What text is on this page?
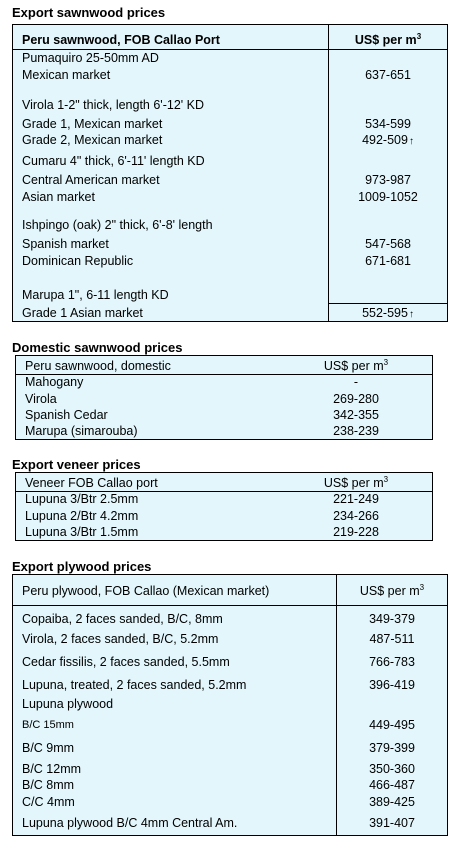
Export sawnwood prices
Peru sawnwood, FOB Callao Port	US$ per $m^3$
Pumaquiro 25-50mm AD
Mexican market	637-651
Virola 1-2" thick, length 6'-12' KD
Grade 1, Mexican market	534-599
Grade 2, Mexican market	492-509↑
Cumaru 4" thick, 6'-11' length KD
Central American market	973-987
Asian market	1009-1052
Ishpingo (oak) 2" thick, 6'-8' length
Spanish market	547-568
Dominican Republic	671-681
Marupa 1", 6-11 length KD
Grade 1 Asian market	552-595↑
Domestic sawnwood prices
Peru sawnwood, domestic	US$ per $m^3$
Mahogany	-
Virola	269-280
Spanish Cedar	342-355
Marupa (simarouba)	238-239
Export veneer prices
Veneer FOB Callao port	US$ per $m^3$
Lupuna 3/Btr 2.5mm	221-249
Lupuna 2/Btr 4.2mm	234-266
Lupuna 3/Btr 1.5mm	219-228
Export plywood prices
Peru plywood, FOB Callao (Mexican market)	US$ per $m^3$
Copaiba, 2 faces sanded, B/C, 8mm	349-379
Virola, 2 faces sanded, B/C, 5.2mm	487-511
Cedar fissilis, 2 faces sanded, 5.5mm	766-783
Lupuna, treated, 2 faces sanded, 5.2mm	396-419
Lupuna plywood
B/C 15mm	449-495
B/C 9mm	379-399
B/C 12mm	350-360
B/C 8mm	466-487
C/C 4mm	389-425
Lupuna plywood B/C 4mm Central Am.	391-407
